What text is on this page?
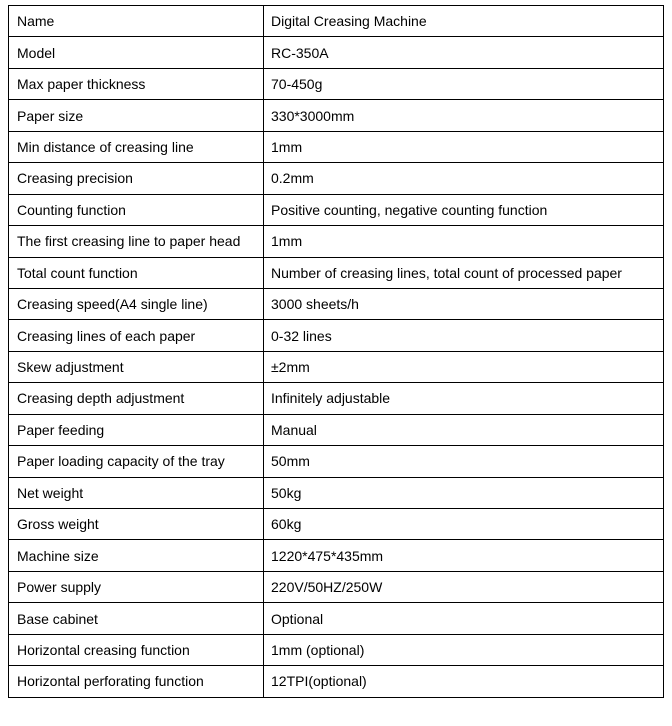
Name	Digital Creasing Machine
Model	RC-350A
Max paper thickness	70-450g
Paper size	330*3000mm
Min distance of creasing line	1mm
Creasing precision	0.2mm
Counting function	Positive counting, negative counting function
The first creasing line to paper head	1mm
Total count function	Number of creasing lines, total count of processed paper
Creasing speed(A4 single line)	3000 sheets/h
Creasing lines of each paper	0-32 lines
Skew adjustment	±2mm
Creasing depth adjustment	Infinitely adjustable
Paper feeding	Manual
Paper loading capacity of the tray	50mm
Net weight	50kg
Gross weight	60kg
Machine size	1220*475*435mm
Power supply	220V/50HZ/250W
Base cabinet	Optional
Horizontal creasing function	1mm (optional)
Horizontal perforating function	12TPI(optional)
